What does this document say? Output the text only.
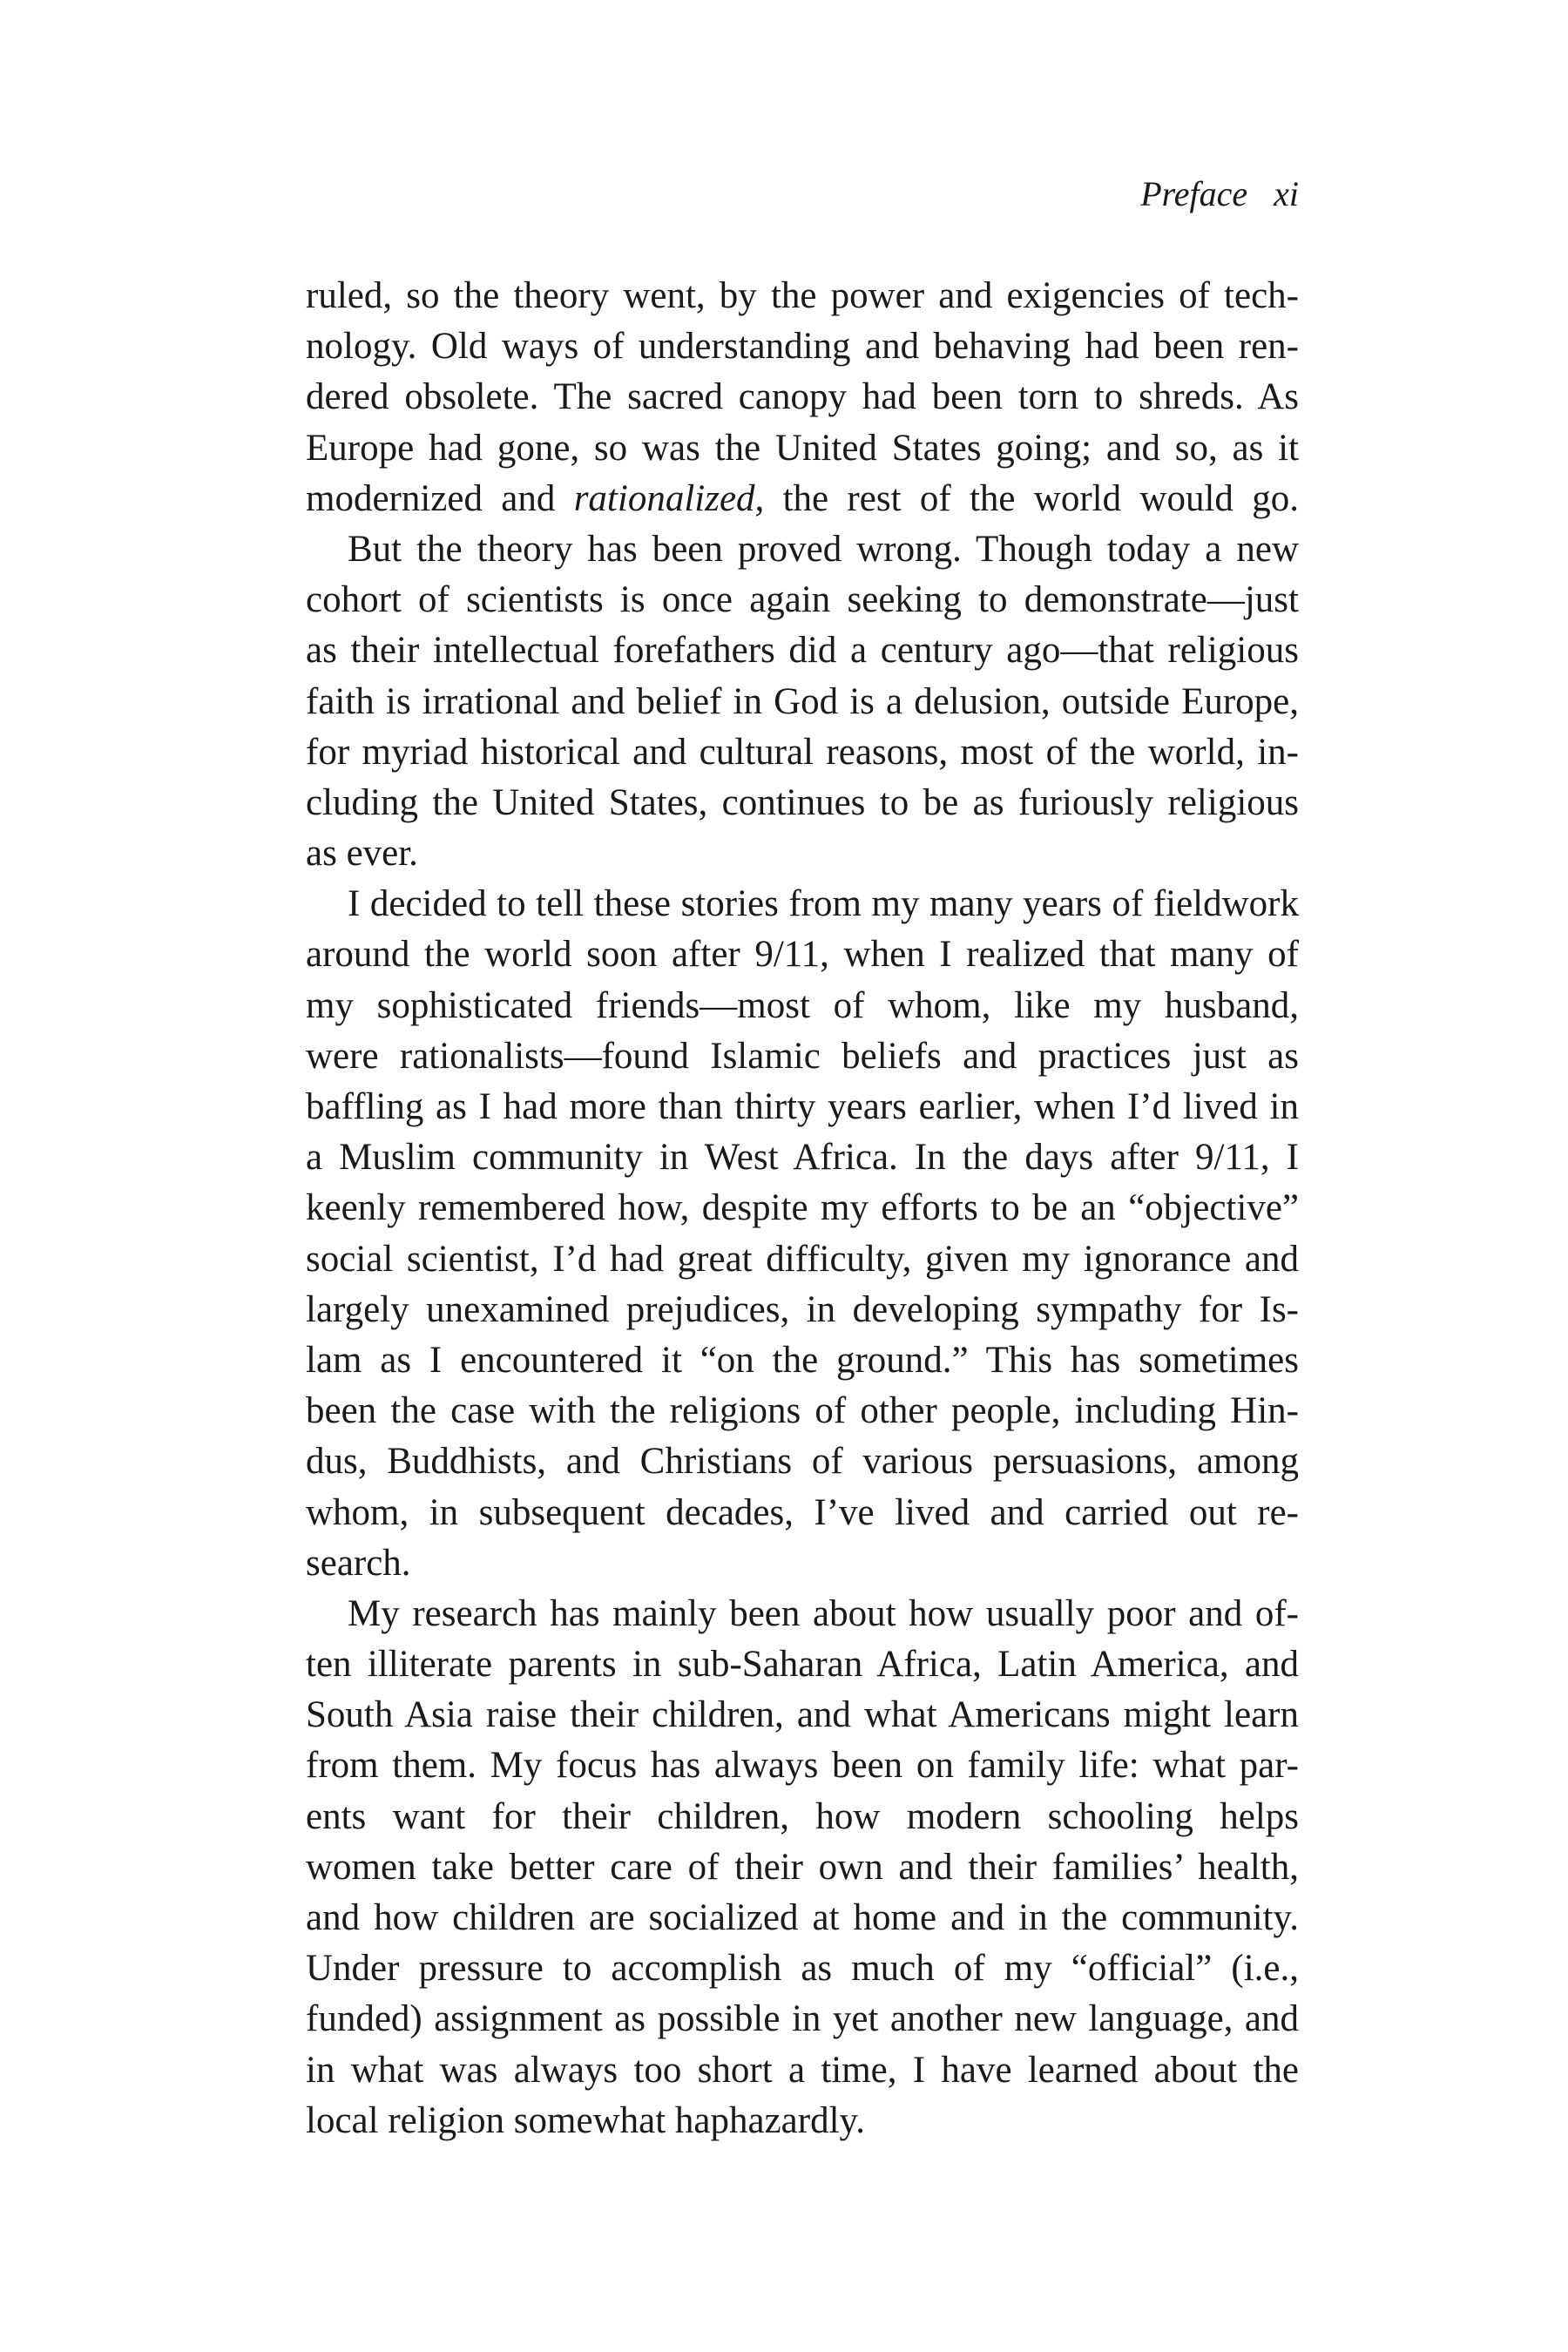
Preface xi
ruled, so the theory went, by the power and exigencies of tech-
nology. Old ways of understanding and behaving had been ren-
dered obsolete. The sacred canopy had been torn to shreds. As
Europe had gone, so was the United States going; and so, as it
modernized and rationalized, the rest of the world would go.
But the theory has been proved wrong. Though today a new
cohort of scientists is once again seeking to demonstrate—just
as their intellectual forefathers did a century ago—that religious
faith is irrational and belief in God is a delusion, outside Europe,
for myriad historical and cultural reasons, most of the world, in-
cluding the United States, continues to be as furiously religious
as ever.
I decided to tell these stories from my many years of fieldwork
around the world soon after 9/11, when I realized that many of
my sophisticated friends—most of whom, like my husband,
were rationalists—found Islamic beliefs and practices just as
baffling as I had more than thirty years earlier, when I’d lived in
a Muslim community in West Africa. In the days after 9/11, I
keenly remembered how, despite my efforts to be an “objective”
social scientist, I’d had great difficulty, given my ignorance and
largely unexamined prejudices, in developing sympathy for Is-
lam as I encountered it “on the ground.” This has sometimes
been the case with the religions of other people, including Hin-
dus, Buddhists, and Christians of various persuasions, among
whom, in subsequent decades, I’ve lived and carried out re-
search.
My research has mainly been about how usually poor and of-
ten illiterate parents in sub-Saharan Africa, Latin America, and
South Asia raise their children, and what Americans might learn
from them. My focus has always been on family life: what par-
ents want for their children, how modern schooling helps
women take better care of their own and their families’ health,
and how children are socialized at home and in the community.
Under pressure to accomplish as much of my “official” (i.e.,
funded) assignment as possible in yet another new language, and
in what was always too short a time, I have learned about the
local religion somewhat haphazardly.
